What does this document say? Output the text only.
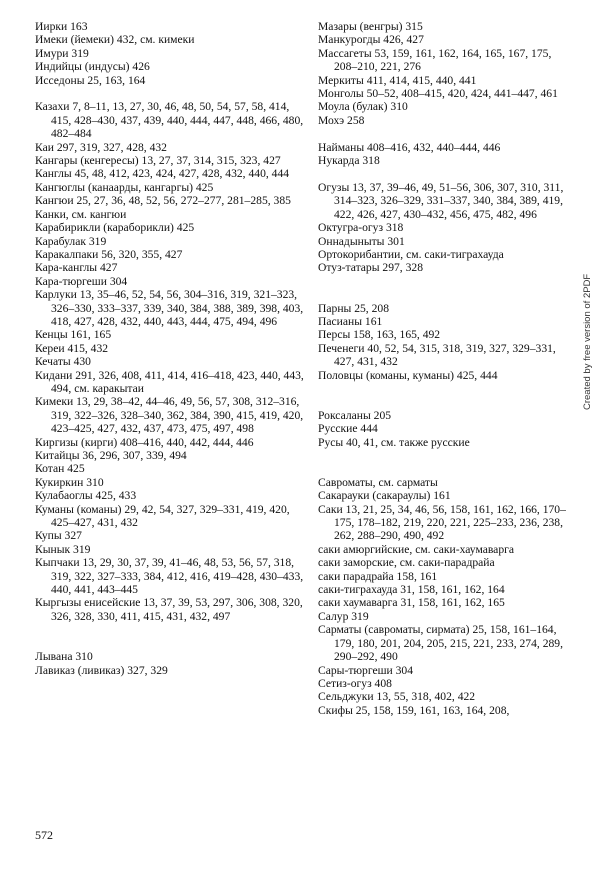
Иирки 163
Имеки (йемеки) 432, см. кимеки
Имури 319
Индийцы (индусы) 426
Исседоны 25, 163, 164

Казахи 7, 8–11, 13, 27, 30, 46, 48, 50, 54, 57, 58, 414, 415, 428–430, 437, 439, 440, 444, 447, 448, 466, 480, 482–484
Каи 297, 319, 327, 428, 432
Кангары (кенгересы) 13, 27, 37, 314, 315, 323, 427
Канглы 45, 48, 412, 423, 424, 427, 428, 432, 440, 444
Кангюглы (канаарды, кангаргы) 425
Кангюи 25, 27, 36, 48, 52, 56, 272–277, 281–285, 385
Канки, см. кангюи
Карабирикли (караборикли) 425
Карабулак 319
Каракалпаки 56, 320, 355, 427
Кара-канглы 427
Кара-тюргеши 304
Карлуки 13, 35–46, 52, 54, 56, 304–316, 319, 321–323, 326–330, 333–337, 339, 340, 384, 388, 389, 398, 403, 418, 427, 428, 432, 440, 443, 444, 475, 494, 496
Кенцы 161, 165
Кереи 415, 432
Кечаты 430
Кидани 291, 326, 408, 411, 414, 416–418, 423, 440, 443, 494, см. каракытаи
Кимеки 13, 29, 38–42, 44–46, 49, 56, 57, 308, 312–316, 319, 322–326, 328–340, 362, 384, 390, 415, 419, 420, 423–425, 427, 432, 437, 473, 475, 497, 498
Киргизы (кирги) 408–416, 440, 442, 444, 446
Китайцы 36, 296, 307, 339, 494
Котан 425
Кукиркин 310
Кулабаоглы 425, 433
Куманы (команы) 29, 42, 54, 327, 329–331, 419, 420, 425–427, 431, 432
Купы 327
Кынык 319
Кыпчаки 13, 29, 30, 37, 39, 41–46, 48, 53, 56, 57, 318, 319, 322, 327–333, 384, 412, 416, 419–428, 430–433, 440, 441, 443–445
Кыргызы енисейские 13, 37, 39, 53, 297, 306, 308, 320, 326, 328, 330, 411, 415, 431, 432, 497

Лывана 310
Лавиказ (ливиказ) 327, 329
Мазары (венгры) 315
Манкурогды 426, 427
Массагеты 53, 159, 161, 162, 164, 165, 167, 175, 208–210, 221, 276
Меркиты 411, 414, 415, 440, 441
Монголы 50–52, 408–415, 420, 424, 441–447, 461
Моула (булак) 310
Мохэ 258

Найманы 408–416, 432, 440–444, 446
Нукарда 318

Огузы 13, 37, 39–46, 49, 51–56, 306, 307, 310, 311, 314–323, 326–329, 331–337, 340, 384, 389, 419, 422, 426, 427, 430–432, 456, 475, 482, 496
Октугра-огуз 318
Оннадыныты 301
Ортокорибантии, см. саки-тиграхауда
Отуз-татары 297, 328

Парны 25, 208
Пасианы 161
Персы 158, 163, 165, 492
Печенеги 40, 52, 54, 315, 318, 319, 327, 329–331, 427, 431, 432
Половцы (команы, куманы) 425, 444

Роксаланы 205
Русские 444
Русы 40, 41, см. также русские

Савроматы, см. сарматы
Сакарауки (сакараулы) 161
Саки 13, 21, 25, 34, 46, 56, 158, 161, 162, 166, 170–175, 178–182, 219, 220, 221, 225–233, 236, 238, 262, 288–290, 490, 492
саки амюргийские, см. саки-хаумаварга
саки заморские, см. саки-парадрайа
саки парадрайа 158, 161
саки-тиграхауда 31, 158, 161, 162, 164
саки хаумаварга 31, 158, 161, 162, 165
Салур 319
Сарматы (савроматы, сирмата) 25, 158, 161–164, 179, 180, 201, 204, 205, 215, 221, 233, 274, 289, 290–292, 490
Сары-тюргеши 304
Сетиз-огуз 408
Сельджуки 13, 55, 318, 402, 422
Скифы 25, 158, 159, 161, 163, 164, 208,
572
Created by free version of 2PDF
